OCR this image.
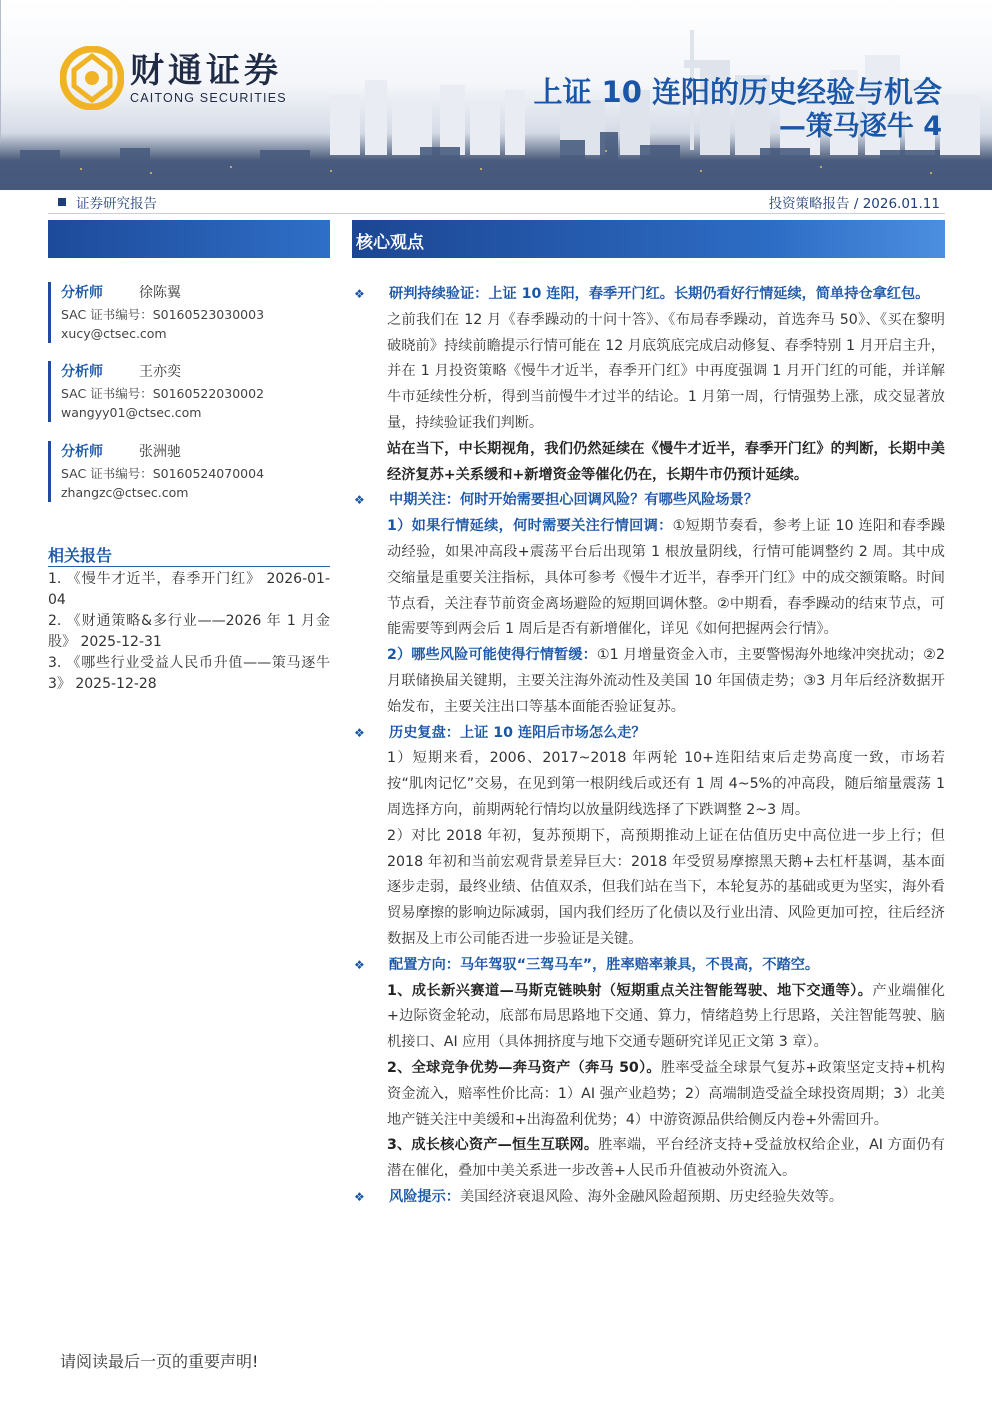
财通证券
CAITONG SECURITIES	上证 10 连阳的历史经验与机会
—策马逐牛 4
证券研究报告	投资策略报告 / 2026.01.11
核心观点
分析师	徐陈翼
SAC 证书编号：S0160523030003
xucy@ctsec.com
分析师	王亦奕
SAC 证书编号：S0160522030002
wangyy01@ctsec.com
分析师	张洲驰
SAC 证书编号：S0160524070004
zhangzc@ctsec.com
相关报告
1. 《慢牛才近半，春季开门红》 2026-01-04
2. 《财通策略&多行业——2026 年 1 月金股》 2025-12-31
3. 《哪些行业受益人民币升值——策马逐牛 3》 2025-12-28
❖	研判持续验证：上证 10 连阳，春季开门红。长期仍看好行情延续，简单持仓拿红包。
之前我们在 12 月《春季躁动的十问十答》、《布局春季躁动，首选奔马 50》、《买在黎明破晓前》持续前瞻提示行情可能在 12 月底筑底完成启动修复、春季特别 1 月开启主升，并在 1 月投资策略《慢牛才近半，春季开门红》中再度强调 1 月开门红的可能，并详解牛市延续性分析，得到当前慢牛才过半的结论。1 月第一周，行情强势上涨，成交显著放量，持续验证我们判断。
站在当下，中长期视角，我们仍然延续在《慢牛才近半，春季开门红》的判断，长期中美经济复苏+关系缓和+新增资金等催化仍在，长期牛市仍预计延续。
❖	中期关注：何时开始需要担心回调风险？有哪些风险场景？
1）如果行情延续，何时需要关注行情回调：①短期节奏看，参考上证 10 连阳和春季躁动经验，如果冲高段+震荡平台后出现第 1 根放量阴线，行情可能调整约 2 周。其中成交缩量是重要关注指标，具体可参考《慢牛才近半，春季开门红》中的成交额策略。时间节点看，关注春节前资金离场避险的短期回调休整。②中期看，春季躁动的结束节点，可能需要等到两会后 1 周后是否有新增催化，详见《如何把握两会行情》。
2）哪些风险可能使得行情暂缓：①1 月增量资金入市，主要警惕海外地缘冲突扰动；②2 月联储换届关键期，主要关注海外流动性及美国 10 年国债走势；③3 月年后经济数据开始发布，主要关注出口等基本面能否验证复苏。
❖	历史复盘：上证 10 连阳后市场怎么走？
1）短期来看，2006、2017~2018 年两轮 10+连阳结束后走势高度一致，市场若按“肌肉记忆”交易，在见到第一根阴线后或还有 1 周 4~5%的冲高段，随后缩量震荡 1 周选择方向，前期两轮行情均以放量阴线选择了下跌调整 2~3 周。
2）对比 2018 年初，复苏预期下，高预期推动上证在估值历史中高位进一步上行；但 2018 年初和当前宏观背景差异巨大：2018 年受贸易摩擦黑天鹅+去杠杆基调，基本面逐步走弱，最终业绩、估值双杀，但我们站在当下，本轮复苏的基础或更为坚实，海外看贸易摩擦的影响边际减弱，国内我们经历了化债以及行业出清、风险更加可控，往后经济数据及上市公司能否进一步验证是关键。
❖	配置方向：马年驾驭“三驾马车”，胜率赔率兼具，不畏高，不踏空。
1、成长新兴赛道—马斯克链映射（短期重点关注智能驾驶、地下交通等）。产业端催化+边际资金轮动，底部布局思路地下交通、算力，情绪趋势上行思路，关注智能驾驶、脑机接口、AI 应用（具体拥挤度与地下交通专题研究详见正文第 3 章）。
2、全球竞争优势—奔马资产（奔马 50）。胜率受益全球景气复苏+政策坚定支持+机构资金流入，赔率性价比高：1）AI 强产业趋势；2）高端制造受益全球投资周期；3）北美地产链关注中美缓和+出海盈利优势；4）中游资源品供给侧反内卷+外需回升。
3、成长核心资产—恒生互联网。胜率端，平台经济支持+受益放权给企业，AI 方面仍有潜在催化，叠加中美关系进一步改善+人民币升值被动外资流入。
❖	风险提示：美国经济衰退风险、海外金融风险超预期、历史经验失效等。
请阅读最后一页的重要声明!
